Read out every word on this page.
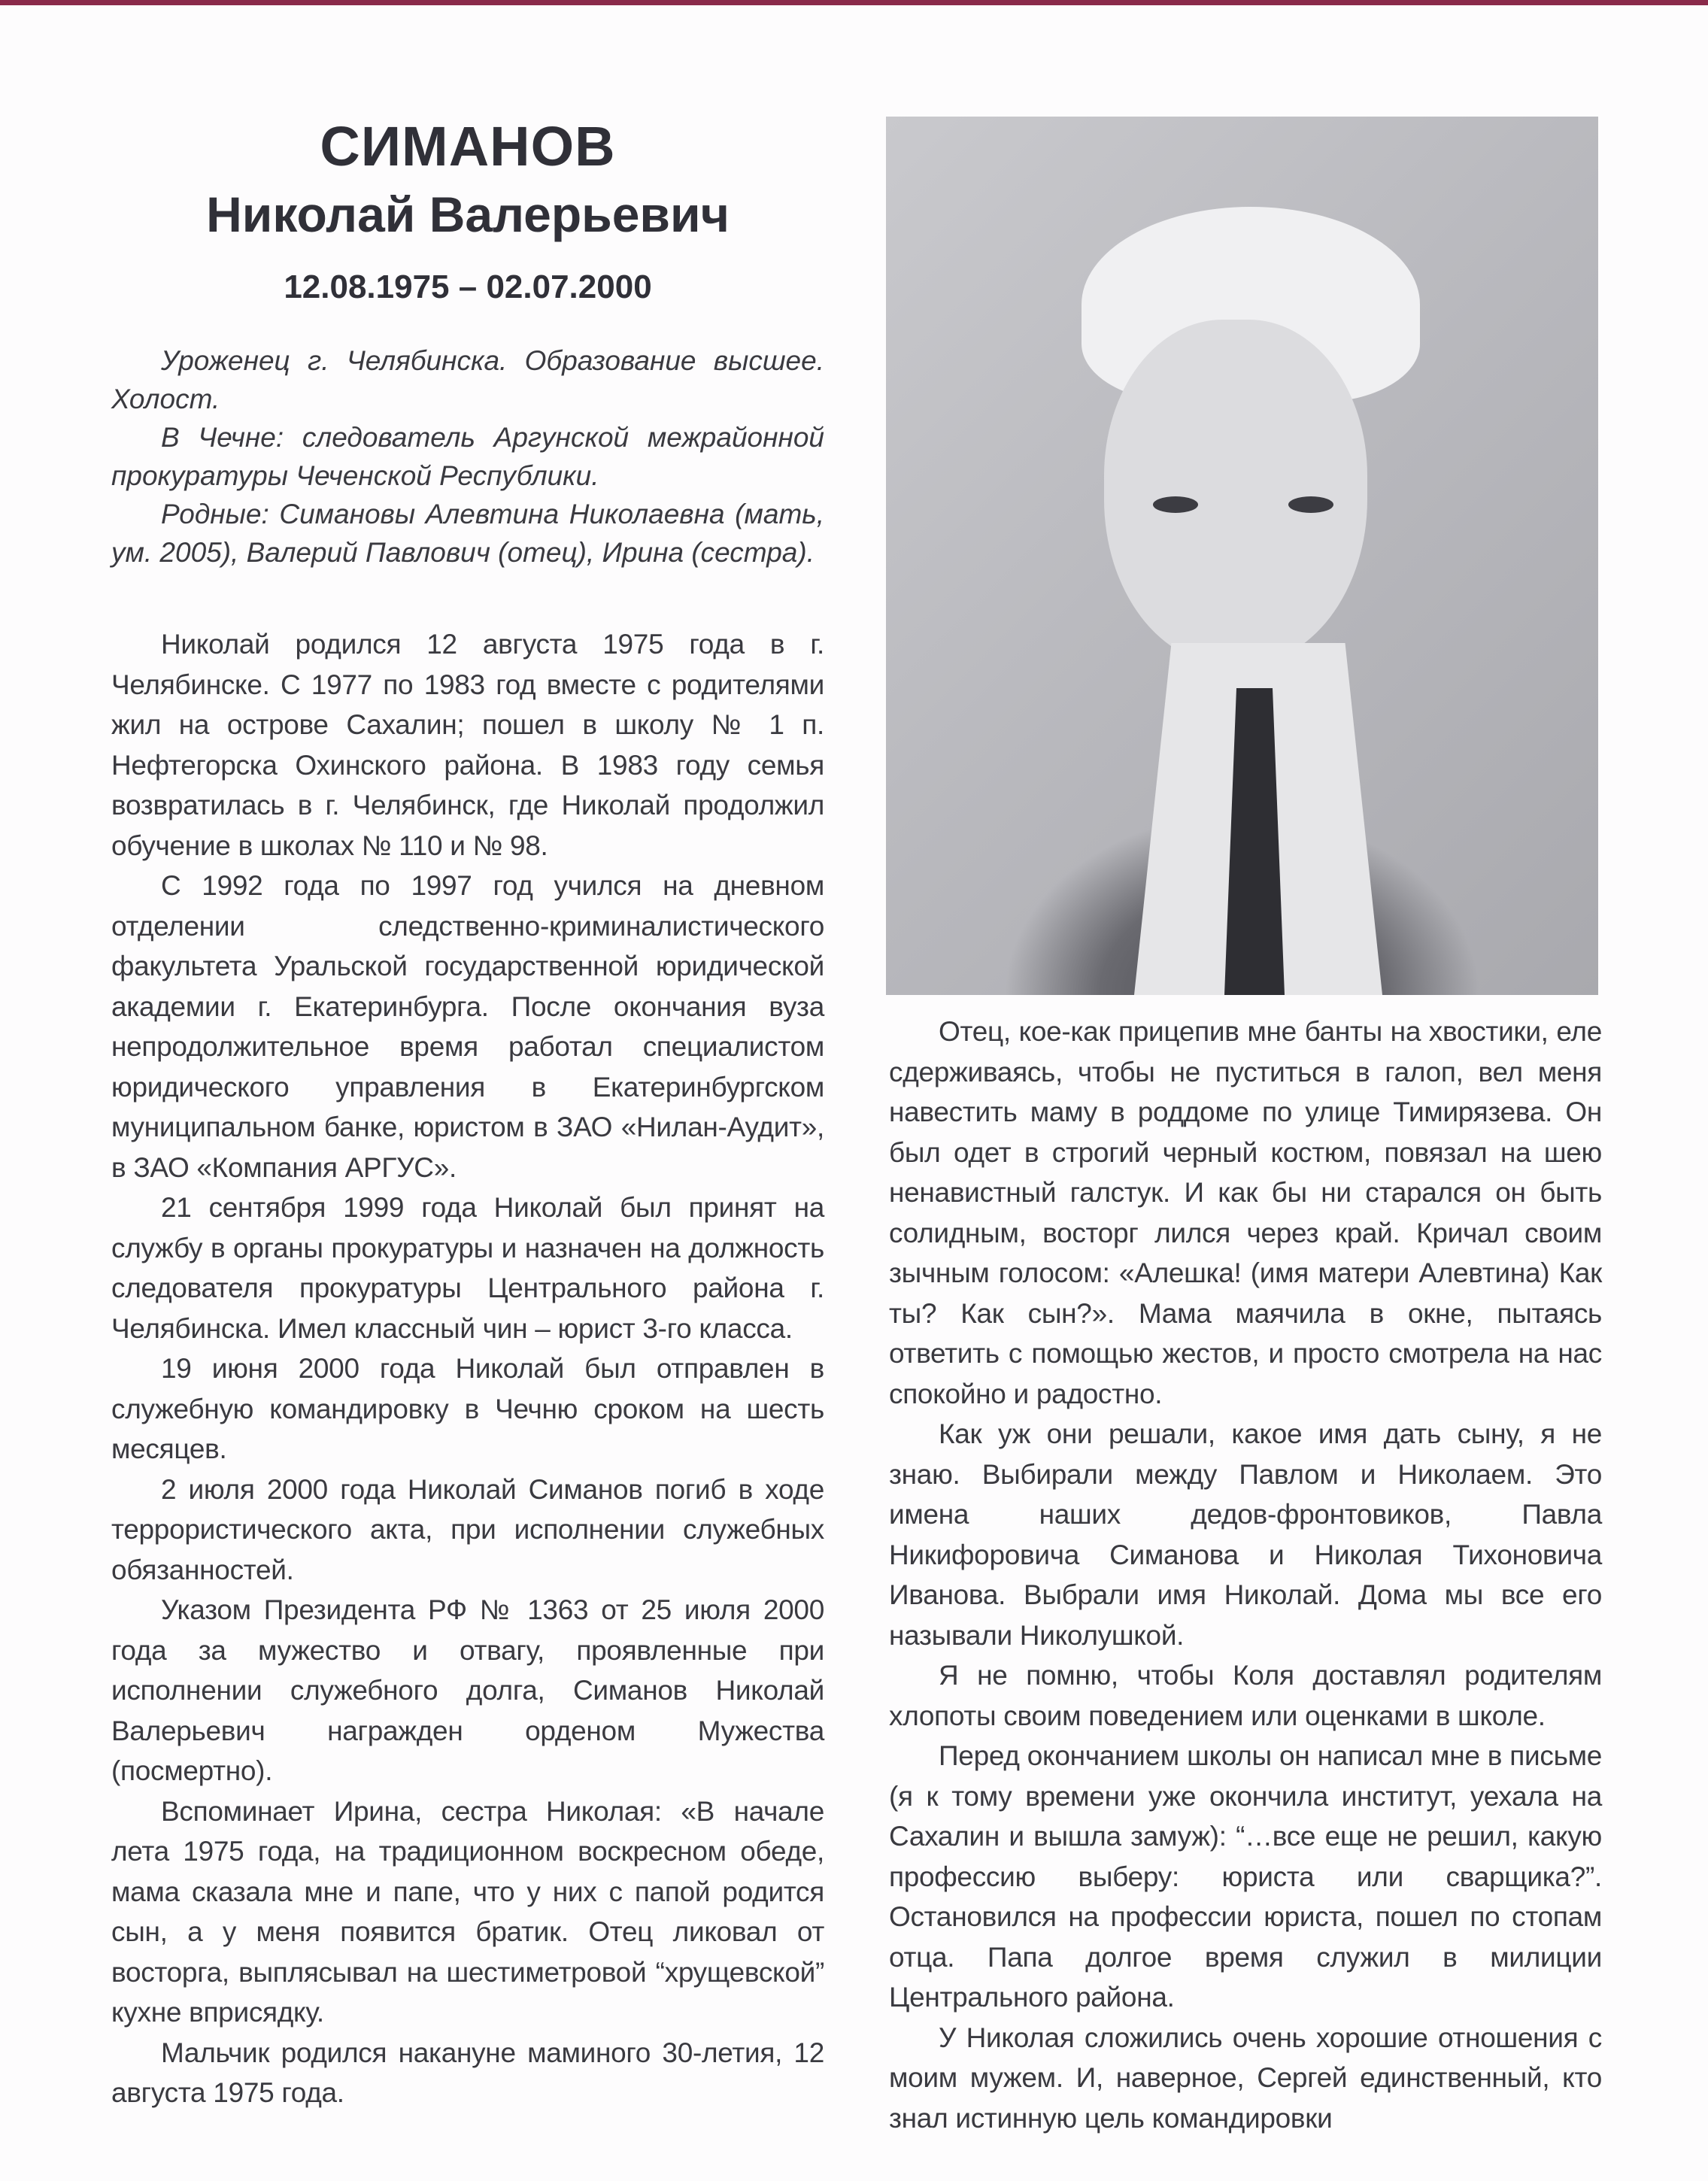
СИМАНОВ
Николай Валерьевич
12.08.1975 – 02.07.2000

Уроженец г. Челябинска. Образование высшее. Холост.

В Чечне: следователь Аргунской межрайонной прокуратуры Чеченской Республики.

Родные: Симановы Алевтина Николаевна (мать, ум. 2005), Валерий Павлович (отец), Ирина (сестра).

Николай родился 12 августа 1975 года в г. Челябинске. С 1977 по 1983 год вместе с родителями жил на острове Сахалин; пошел в школу № 1 п. Нефтегорска Охинского района. В 1983 году семья возвратилась в г. Челябинск, где Николай продолжил обучение в школах № 110 и № 98.

С 1992 года по 1997 год учился на дневном отделении следственно-криминалистического факультета Уральской государственной юридической академии г. Екатеринбурга. После окончания вуза непродолжительное время работал специалистом юридического управления в Екатеринбургском муниципальном банке, юристом в ЗАО «Нилан-Аудит», в ЗАО «Компания АРГУС».

21 сентября 1999 года Николай был принят на службу в органы прокуратуры и назначен на должность следователя прокуратуры Центрального района г. Челябинска. Имел классный чин – юрист 3-го класса.

19 июня 2000 года Николай был отправлен в служебную командировку в Чечню сроком на шесть месяцев.

2 июля 2000 года Николай Симанов погиб в ходе террористического акта, при исполнении служебных обязанностей.

Указом Президента РФ № 1363 от 25 июля 2000 года за мужество и отвагу, проявленные при исполнении служебного долга, Симанов Николай Валерьевич награжден орденом Мужества (посмертно).

Вспоминает Ирина, сестра Николая: «В начале лета 1975 года, на традиционном воскресном обеде, мама сказала мне и папе, что у них с папой родится сын, а у меня появится братик. Отец ликовал от восторга, выплясывал на шестиметровой “хрущевской” кухне вприсядку.

Мальчик родился накануне маминого 30-летия, 12 августа 1975 года.

Отец, кое-как прицепив мне банты на хвостики, еле сдерживаясь, чтобы не пуститься в галоп, вел меня навестить маму в роддоме по улице Тимирязева. Он был одет в строгий черный костюм, повязал на шею ненавистный галстук. И как бы ни старался он быть солидным, восторг лился через край. Кричал своим зычным голосом: «Алешка! (имя матери Алевтина) Как ты? Как сын?». Мама маячила в окне, пытаясь ответить с помощью жестов, и просто смотрела на нас спокойно и радостно.

Как уж они решали, какое имя дать сыну, я не знаю. Выбирали между Павлом и Николаем. Это имена наших дедов-фронтовиков, Павла Никифоровича Симанова и Николая Тихоновича Иванова. Выбрали имя Николай. Дома мы все его называли Николушкой.

Я не помню, чтобы Коля доставлял родителям хлопоты своим поведением или оценками в школе.

Перед окончанием школы он написал мне в письме (я к тому времени уже окончила институт, уехала на Сахалин и вышла замуж): “…все еще не решил, какую профессию выберу: юриста или сварщика?”. Остановился на профессии юриста, пошел по стопам отца. Папа долгое время служил в милиции Центрального района.

У Николая сложились очень хорошие отношения с моим мужем. И, наверное, Сергей единственный, кто знал истинную цель командировки
